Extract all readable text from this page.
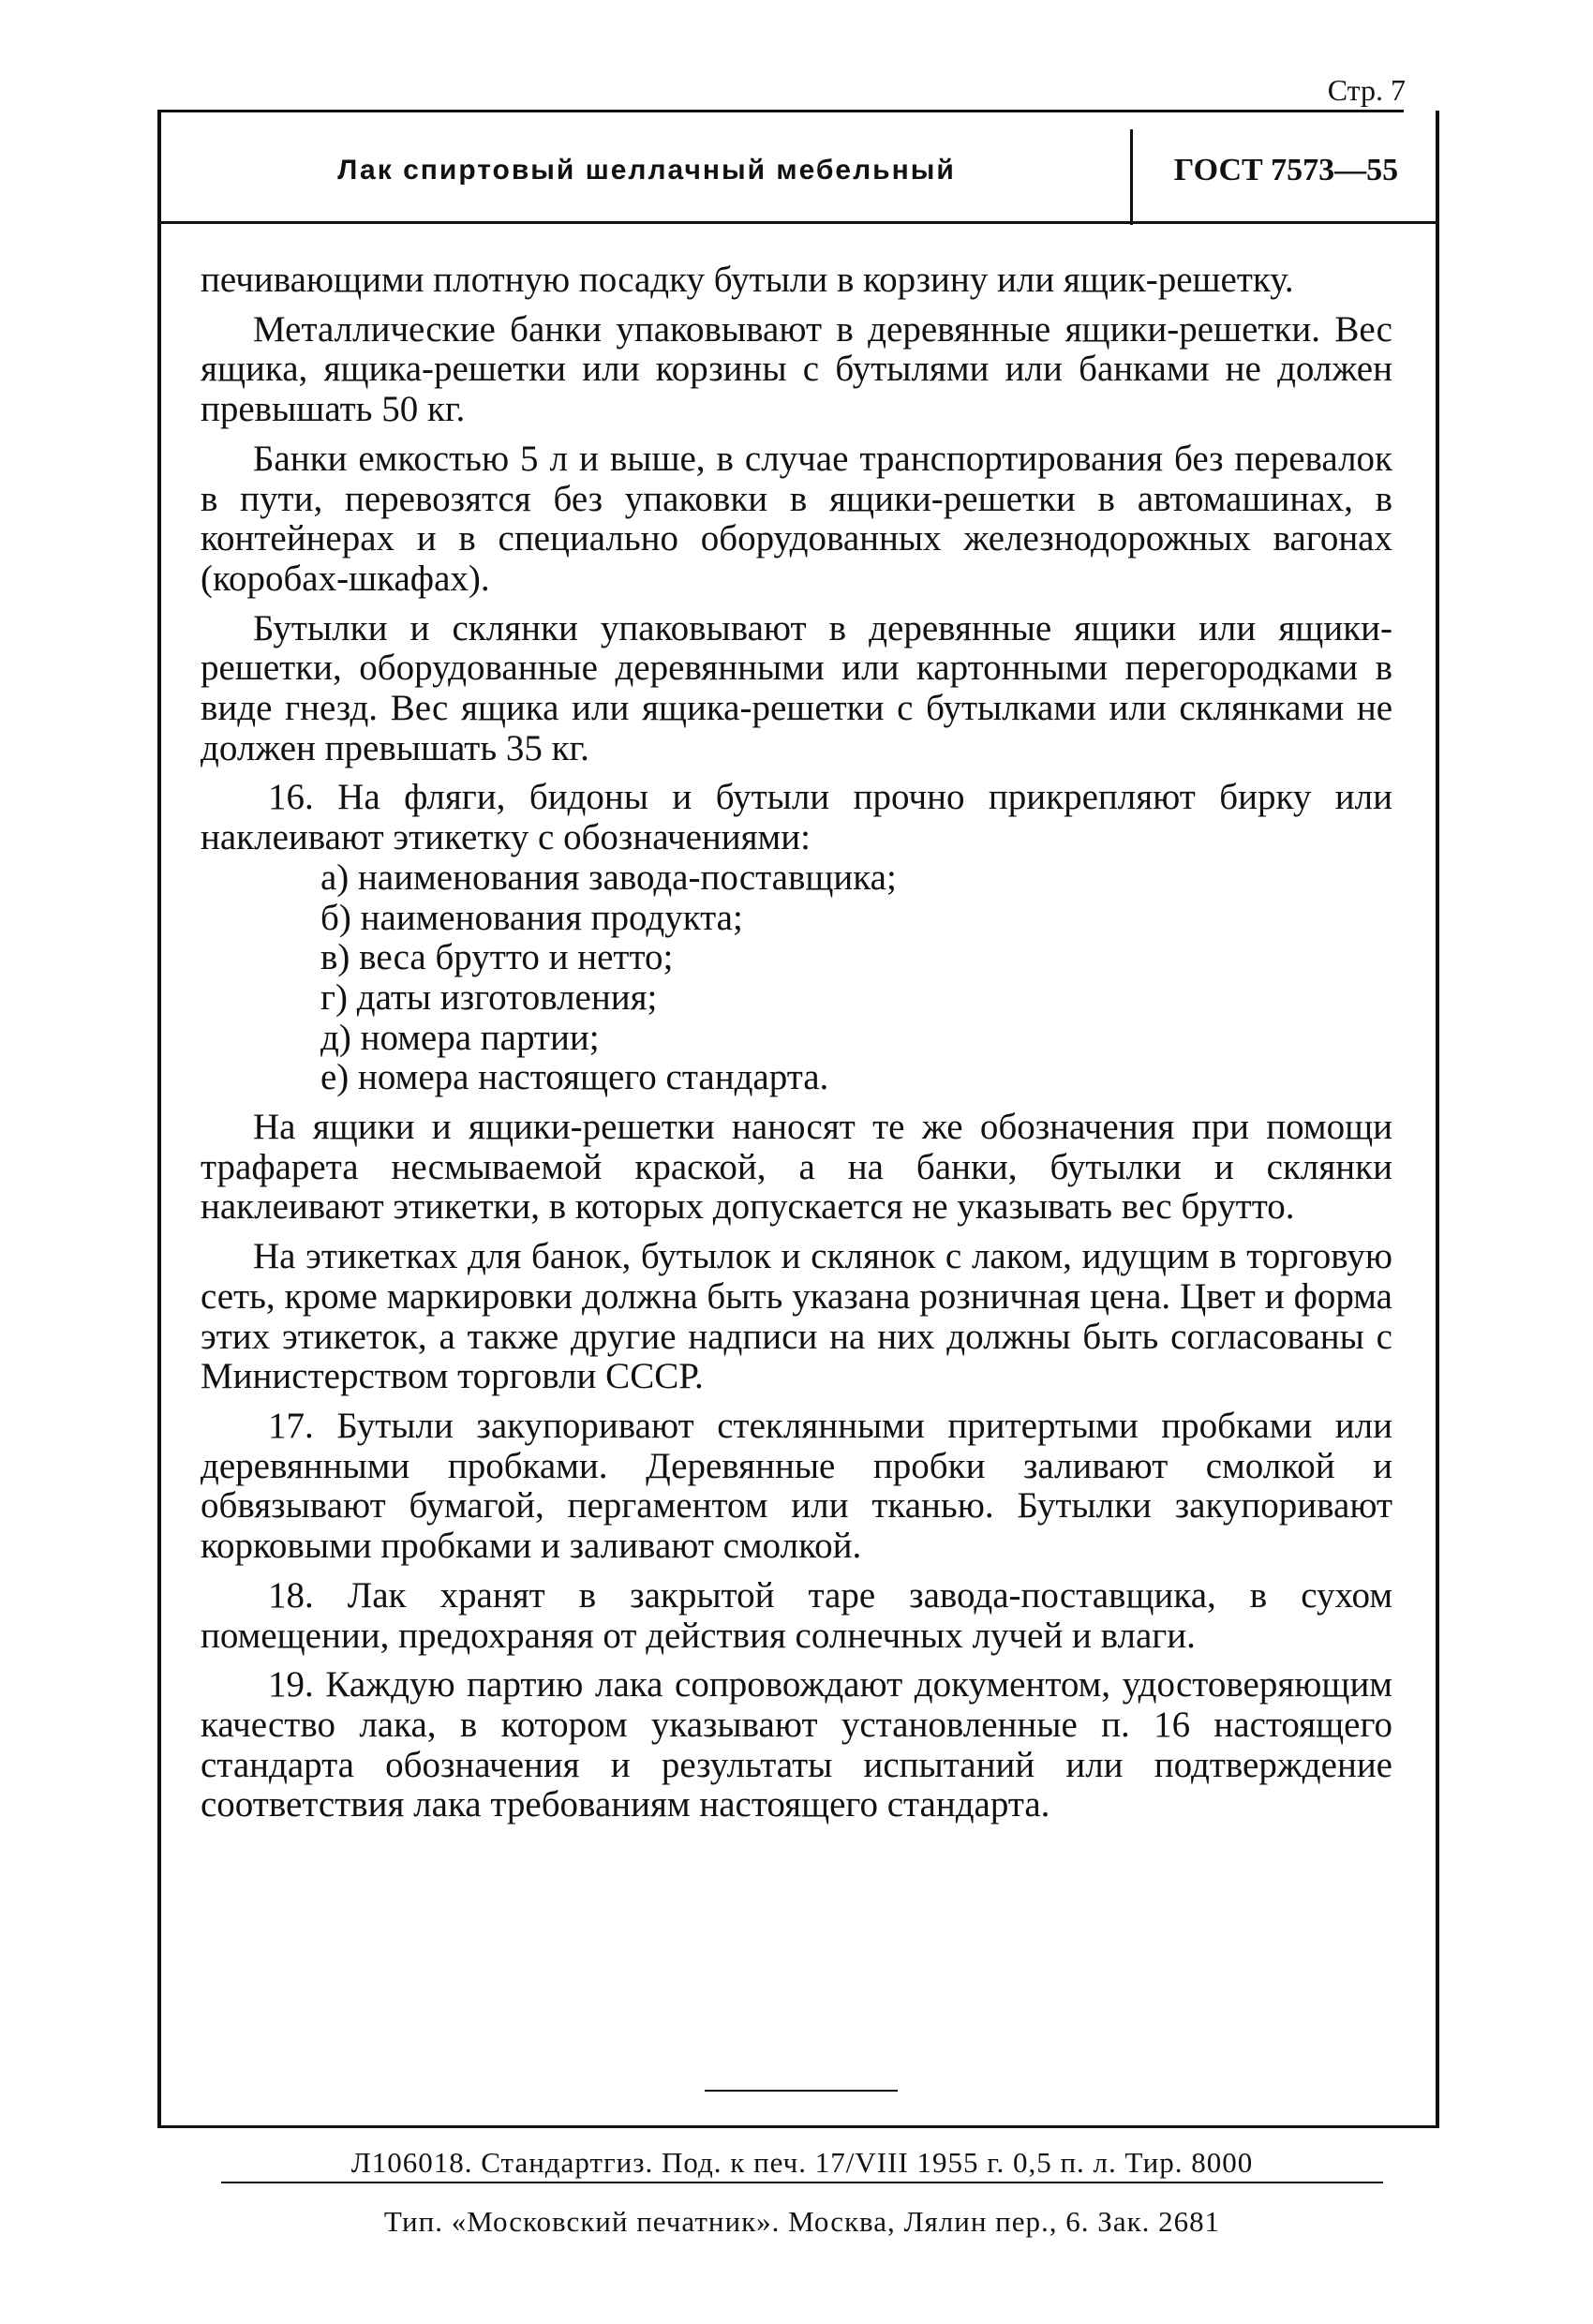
Стр. 7
Лак спиртовый шеллачный мебельный	ГОСТ 7573—55

печивающими плотную посадку бутыли в корзину или ящик-решетку.

Металлические банки упаковывают в деревянные ящики-решетки. Вес ящика, ящика-решетки или корзины с бутылями или банками не должен превышать 50 кг.

Банки емкостью 5 л и выше, в случае транспортирования без перевалок в пути, перевозятся без упаковки в ящики-решетки в автомашинах, в контейнерах и в специально оборудованных железнодорожных вагонах (коробах-шкафах).

Бутылки и склянки упаковывают в деревянные ящики или ящики-решетки, оборудованные деревянными или картонными перегородками в виде гнезд. Вес ящика или ящика-решетки с бутылками или склянками не должен превышать 35 кг.

16. На фляги, бидоны и бутыли прочно прикрепляют бирку или наклеивают этикетку с обозначениями:

а) наименования завода-поставщика;
б) наименования продукта;
в) веса брутто и нетто;
г) даты изготовления;
д) номера партии;
е) номера настоящего стандарта.

На ящики и ящики-решетки наносят те же обозначения при помощи трафарета несмываемой краской, а на банки, бутылки и склянки наклеивают этикетки, в которых допускается не указывать вес брутто.

На этикетках для банок, бутылок и склянок с лаком, идущим в торговую сеть, кроме маркировки должна быть указана розничная цена. Цвет и форма этих этикеток, а также другие надписи на них должны быть согласованы с Министерством торговли СССР.

17. Бутыли закупоривают стеклянными притертыми пробками или деревянными пробками. Деревянные пробки заливают смолкой и обвязывают бумагой, пергаментом или тканью. Бутылки закупоривают корковыми пробками и заливают смолкой.

18. Лак хранят в закрытой таре завода-поставщика, в сухом помещении, предохраняя от действия солнечных лучей и влаги.

19. Каждую партию лака сопровождают документом, удостоверяющим качество лака, в котором указывают установленные п. 16 настоящего стандарта обозначения и результаты испытаний или подтверждение соответствия лака требованиям настоящего стандарта.

Л106018. Стандартгиз. Под. к печ. 17/VIII 1955 г. 0,5 п. л. Тир. 8000
Тип. «Московский печатник». Москва, Лялин пер., 6. Зак. 2681
